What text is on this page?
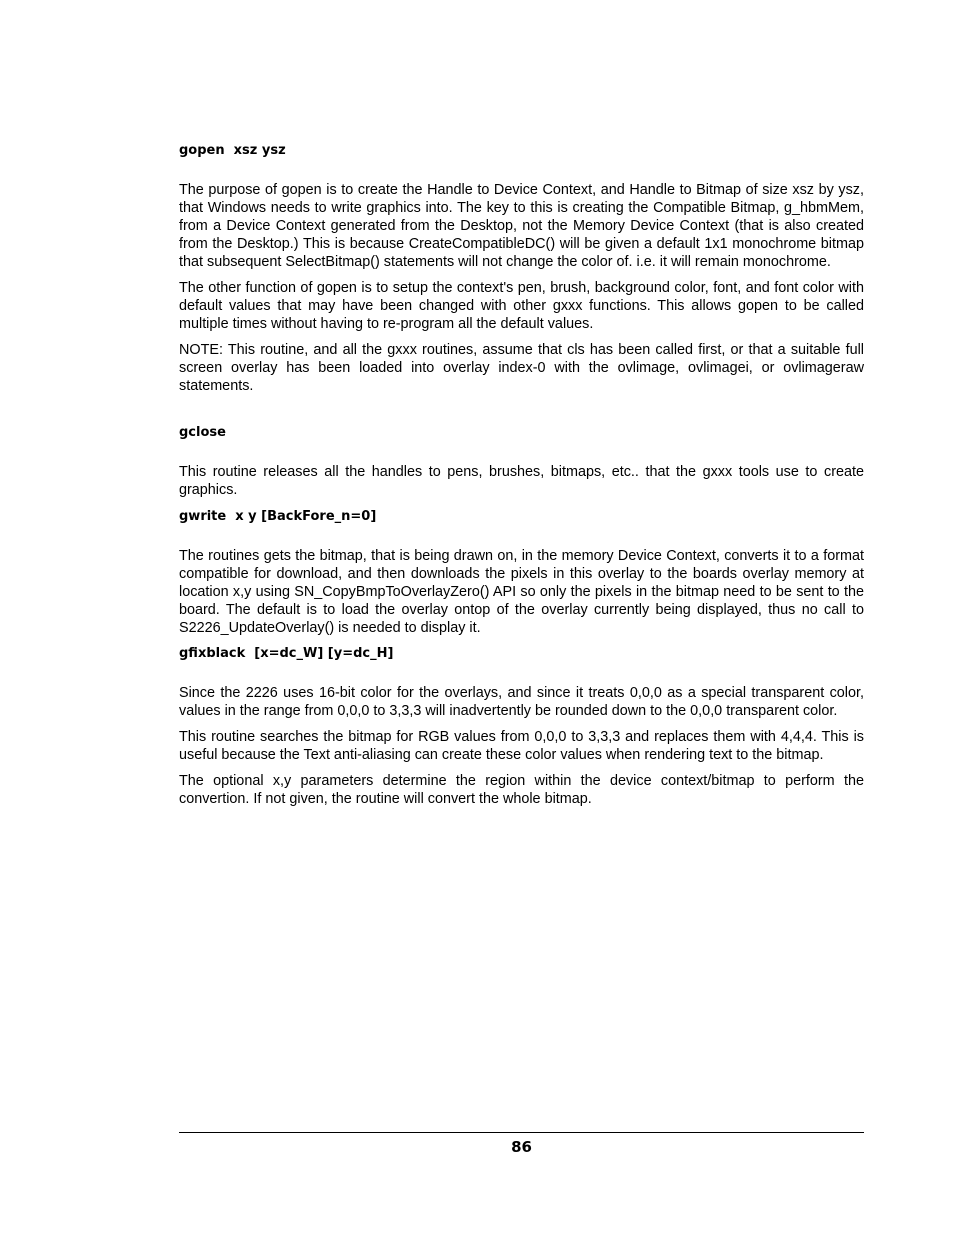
gopen  xsz ysz

The purpose of gopen is to create the Handle to Device Context, and Handle to Bitmap of size xsz by ysz, that Windows needs to write graphics into. The key to this is creating the Compatible Bitmap, g_hbmMem, from a Device Context generated from the Desktop, not the Memory Device Context (that is also created from the Desktop.) This is because CreateCompatibleDC() will be given a default 1x1 monochrome bitmap that subsequent SelectBitmap() statements will not change the color of. i.e. it will remain monochrome.

The other function of gopen is to setup the context's pen, brush, background color, font, and font color with default values that may have been changed with other gxxx functions. This allows gopen to be called multiple times without having to re-program all the default values.

NOTE: This routine, and all the gxxx routines, assume that cls has been called first, or that a suitable full screen overlay has been loaded into overlay index-0 with the ovlimage, ovlimagei, or ovlimageraw statements.

gclose

This routine releases all the handles to pens, brushes, bitmaps, etc.. that the gxxx tools use to create graphics.

gwrite  x y [BackFore_n=0]

The routines gets the bitmap, that is being drawn on, in the memory Device Context, converts it to a format compatible for download, and then downloads the pixels in this overlay to the boards overlay memory at location x,y using SN_CopyBmpToOverlayZero() API so only the pixels in the bitmap need to be sent to the board. The default is to load the overlay ontop of the overlay currently being displayed, thus no call to S2226_UpdateOverlay() is needed to display it.

gfixblack  [x=dc_W] [y=dc_H]

Since the 2226 uses 16-bit color for the overlays, and since it treats 0,0,0 as a special transparent color, values in the range from 0,0,0 to 3,3,3 will inadvertently be rounded down to the 0,0,0 transparent color.

This routine searches the bitmap for RGB values from 0,0,0 to 3,3,3 and replaces them with 4,4,4. This is useful because the Text anti-aliasing can create these color values when rendering text to the bitmap.

The optional x,y parameters determine the region within the device context/bitmap to perform the convertion. If not given, the routine will convert the whole bitmap.

86
